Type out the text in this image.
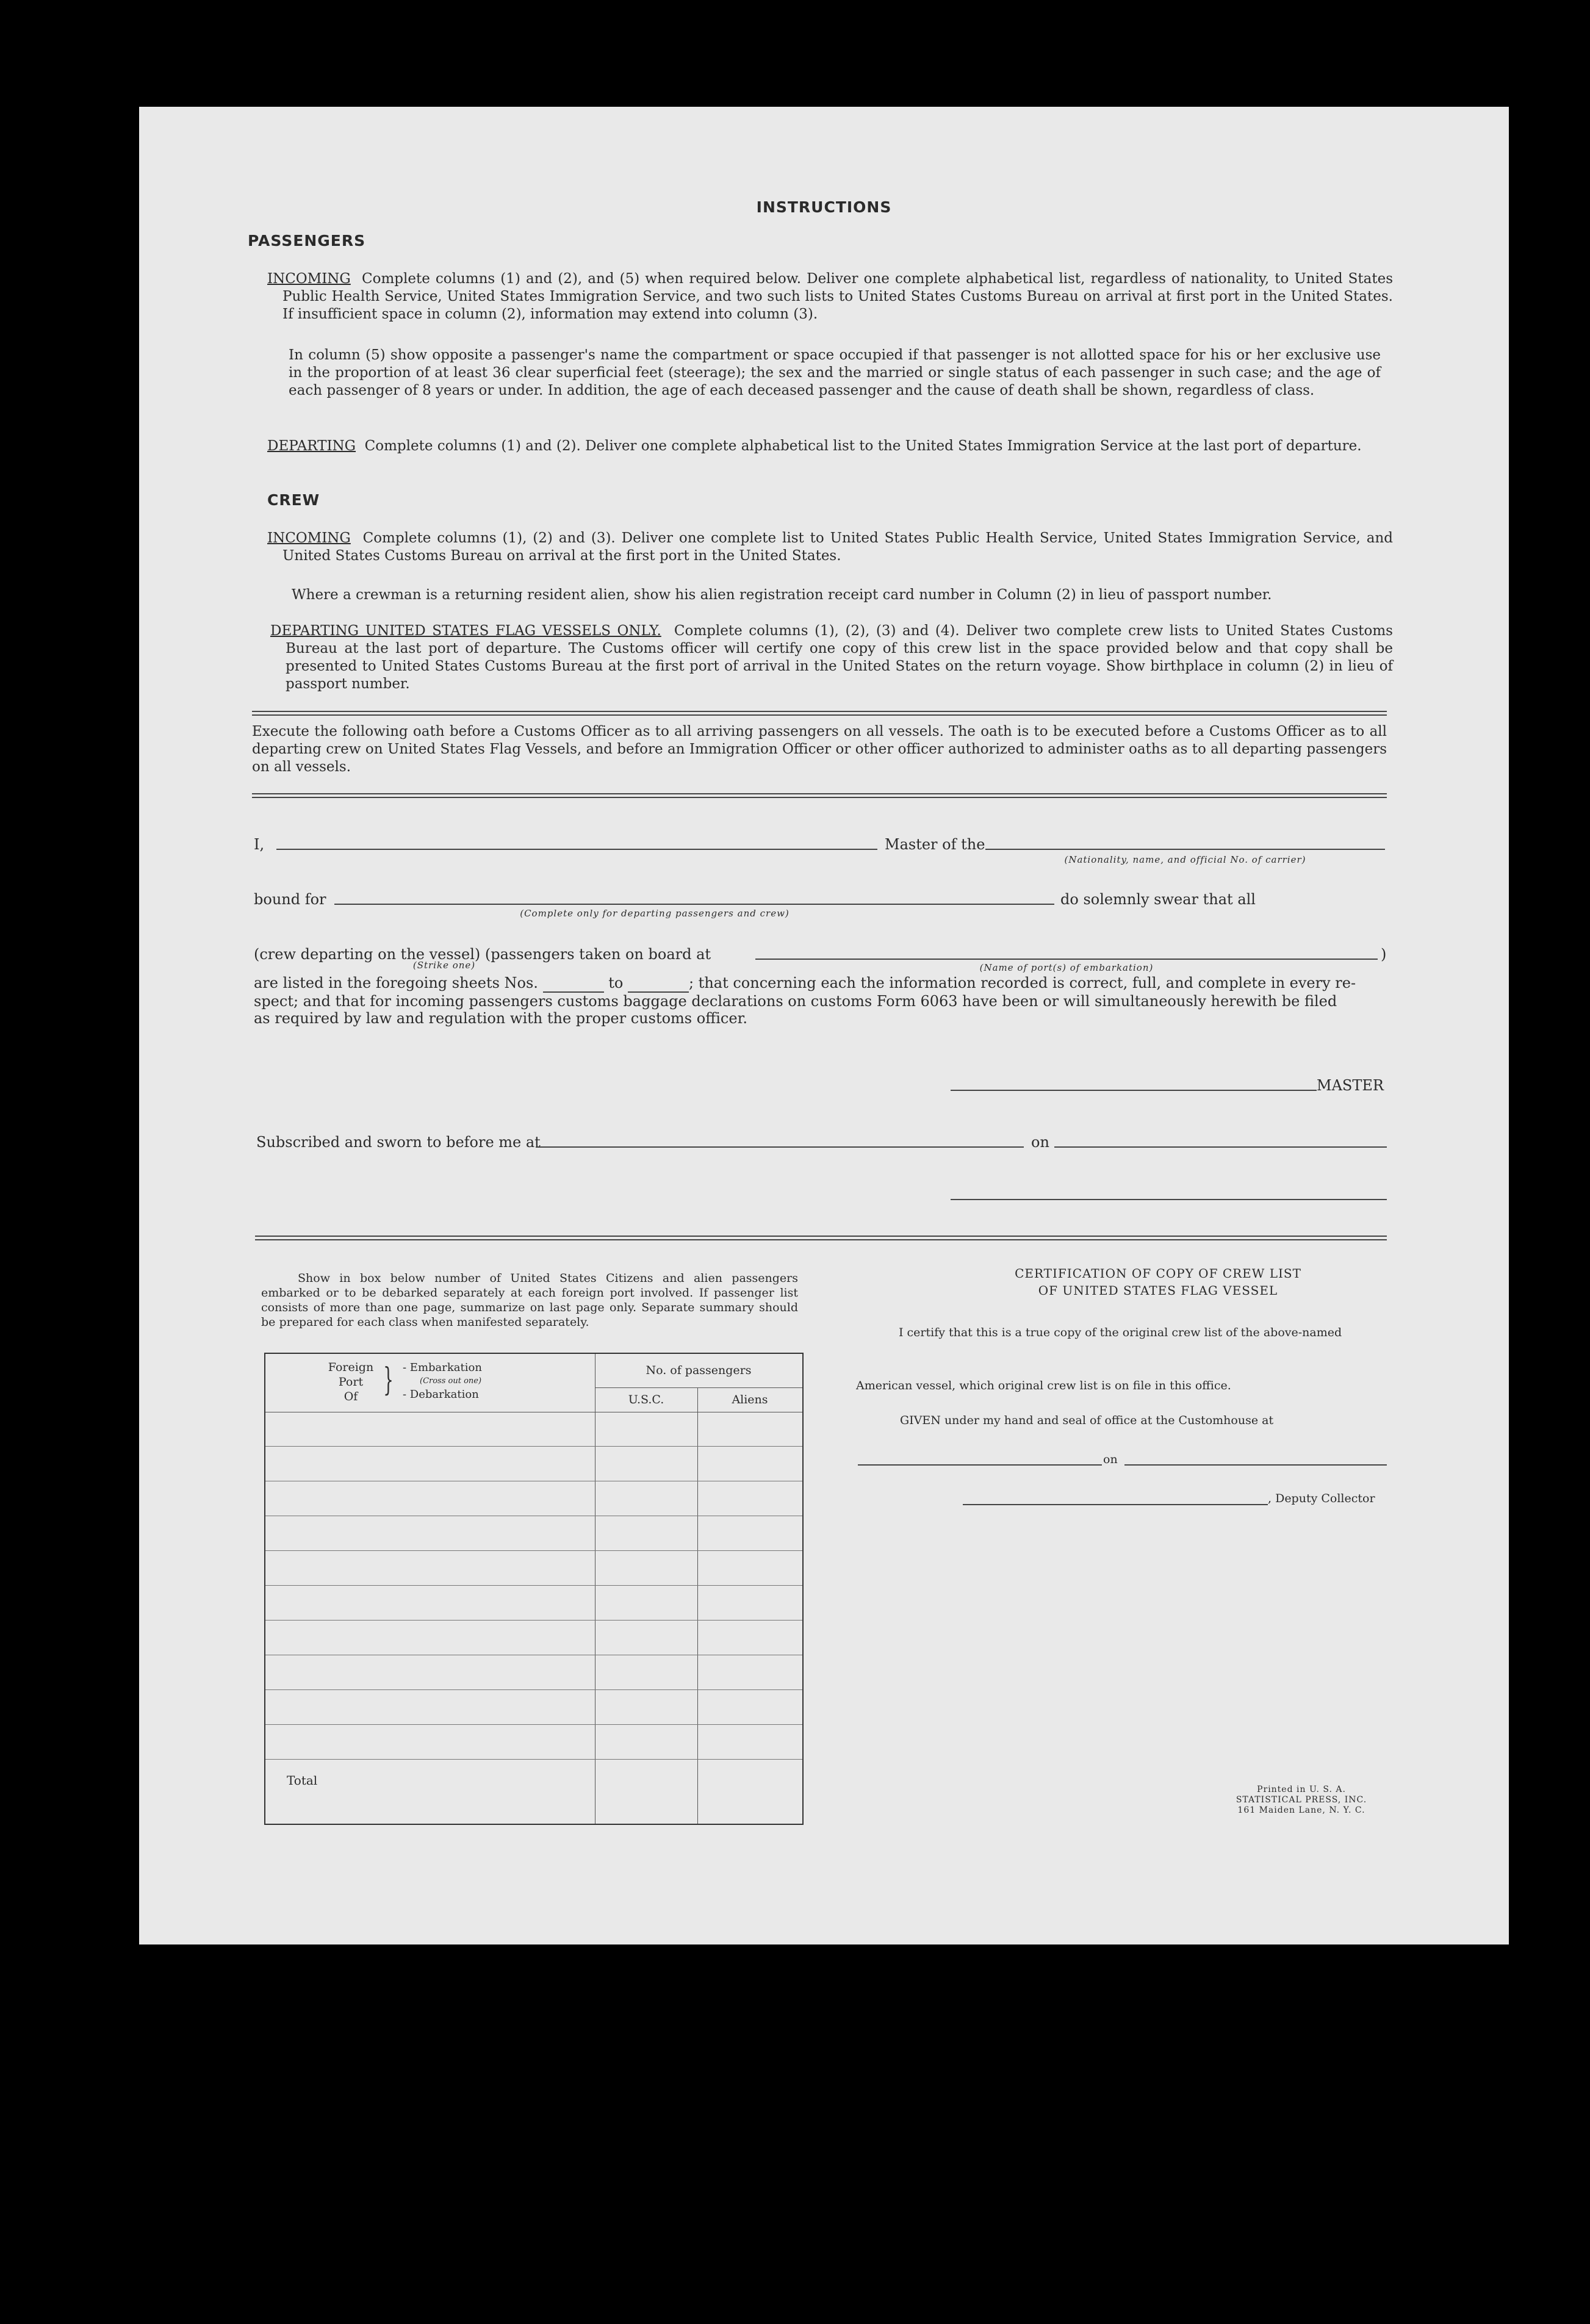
INSTRUCTIONS
PASSENGERS
INCOMING Complete columns (1) and (2), and (5) when required below. Deliver one complete alphabetical list, regardless of nationality, to United States Public Health Service, United States Immigration Service, and two such lists to United States Customs Bureau on arrival at first port in the United States. If insufficient space in column (2), information may extend into column (3).
In column (5) show opposite a passenger's name the compartment or space occupied if that passenger is not allotted space for his or her exclusive use in the proportion of at least 36 clear superficial feet (steerage); the sex and the married or single status of each passenger in such case; and the age of each passenger of 8 years or under. In addition, the age of each deceased passenger and the cause of death shall be shown, regardless of class.
DEPARTING Complete columns (1) and (2). Deliver one complete alphabetical list to the United States Immigration Service at the last port of departure.
CREW
INCOMING Complete columns (1), (2) and (3). Deliver one complete list to United States Public Health Service, United States Immigration Service, and United States Customs Bureau on arrival at the first port in the United States.
Where a crewman is a returning resident alien, show his alien registration receipt card number in Column (2) in lieu of passport number.
DEPARTING UNITED STATES FLAG VESSELS ONLY. Complete columns (1), (2), (3) and (4). Deliver two complete crew lists to United States Customs Bureau at the last port of departure. The Customs officer will certify one copy of this crew list in the space provided below and that copy shall be presented to United States Customs Bureau at the first port of arrival in the United States on the return voyage. Show birthplace in column (2) in lieu of passport number.
Execute the following oath before a Customs Officer as to all arriving passengers on all vessels. The oath is to be executed before a Customs Officer as to all departing crew on United States Flag Vessels, and before an Immigration Officer or other officer authorized to administer oaths as to all departing passengers on all vessels.
I,	Master of the
(Nationality, name, and official No. of carrier)
bound for
(Complete only for departing passengers and crew)
do solemnly swear that all
(crew departing on the vessel) (passengers taken on board at	)
(Strike one)	(Name of port(s) of embarkation)
are listed in the foregoing sheets Nos.	to	; that concerning each the information recorded is correct, full, and complete in every re-
spect; and that for incoming passengers customs baggage declarations on customs Form 6063 have been or will simultaneously herewith be filed
as required by law and regulation with the proper customs officer.
MASTER
Subscribed and sworn to before me at	on
Show in box below number of United States Citizens and alien passengers embarked or to be debarked separately at each foreign port involved. If passenger list consists of more than one page, summarize on last page only. Separate summary should be prepared for each class when manifested separately.
Foreign
Port
Of } - Embarkation
(Cross out one)
- Debarkation
No. of passengers
U.S.C.	Aliens
Total
CERTIFICATION OF COPY OF CREW LIST
OF UNITED STATES FLAG VESSEL
I certify that this is a true copy of the original crew list of the above-named
American vessel, which original crew list is on file in this office.
GIVEN under my hand and seal of office at the Customhouse at
on
, Deputy Collector
Printed in U. S. A.
STATISTICAL PRESS, INC.
161 Maiden Lane, N. Y. C.
